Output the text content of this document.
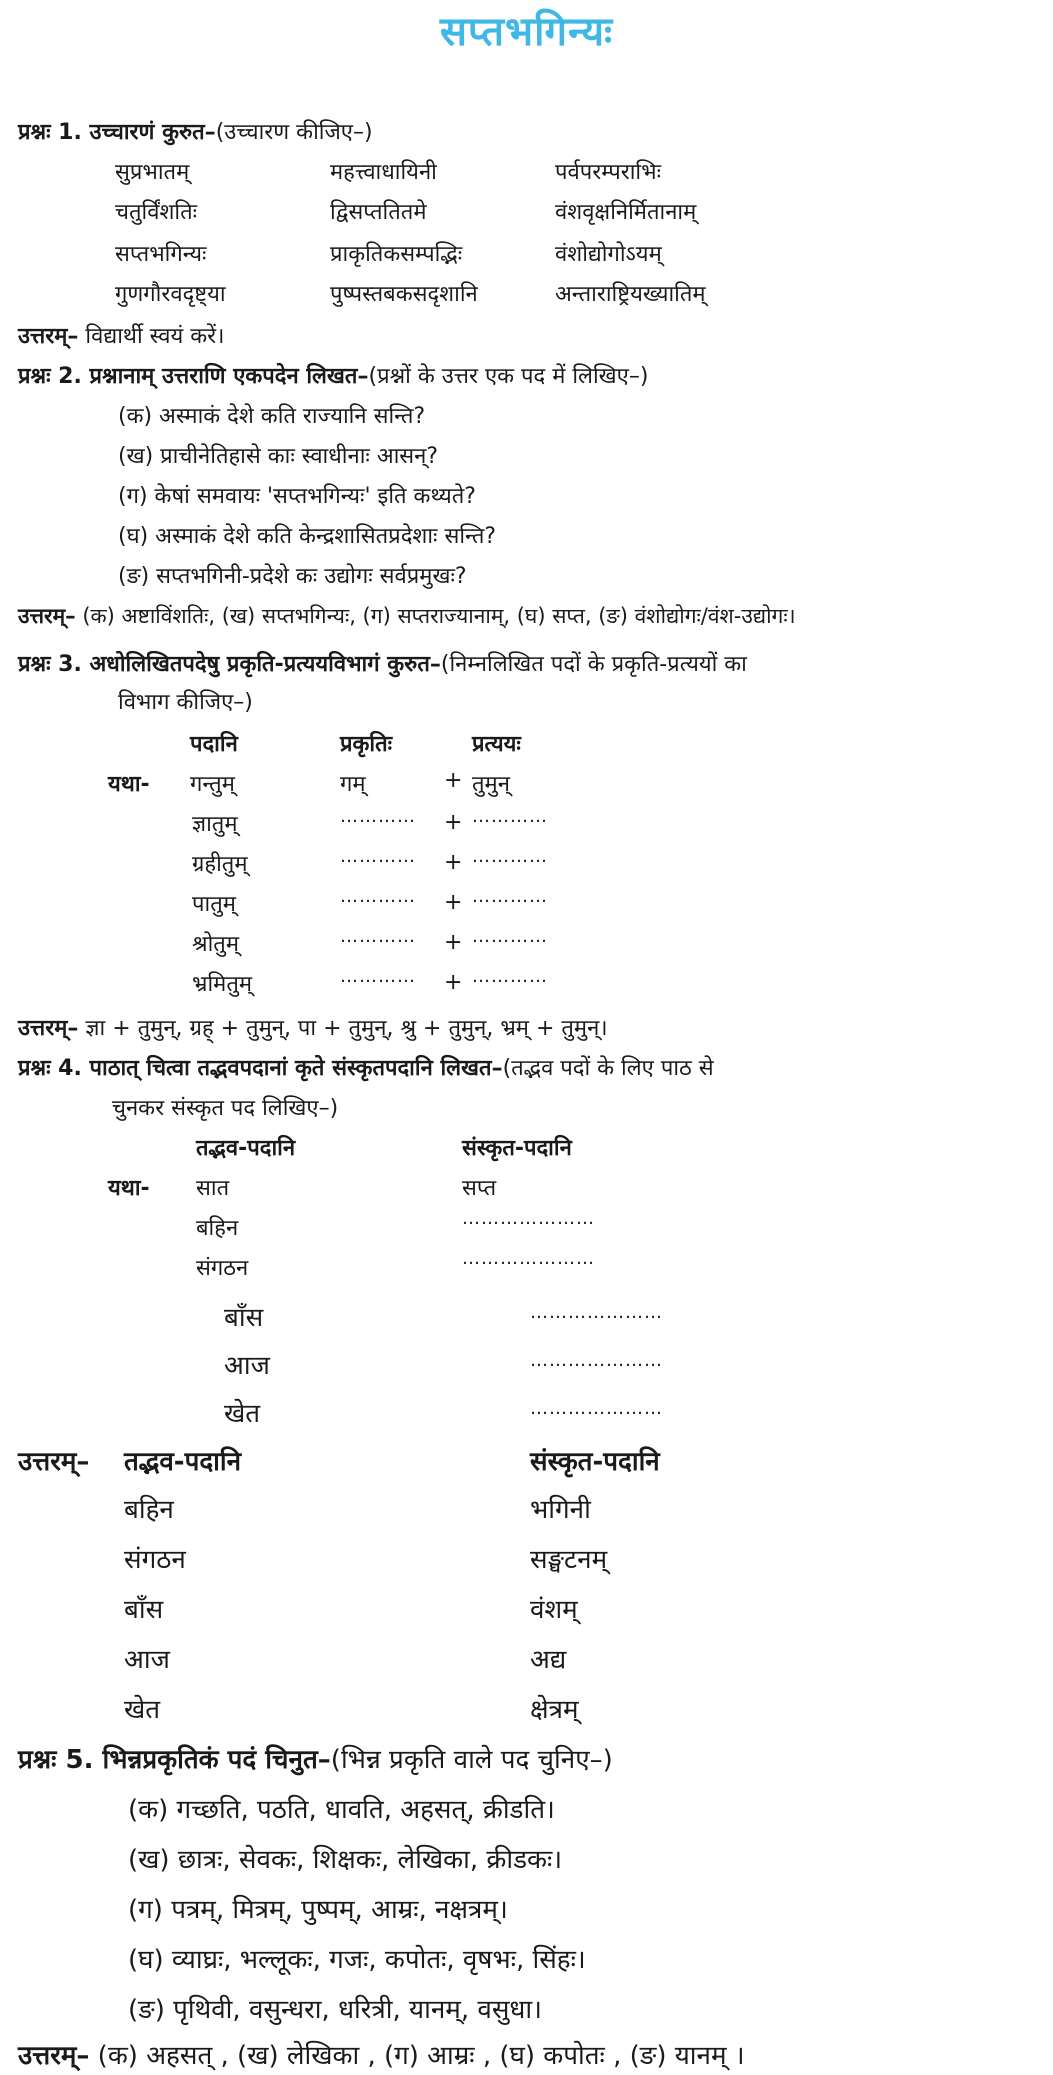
सप्तभगिन्यः
प्रश्नः 1. उच्चारणं कुरुत–(उच्चारण कीजिए–)
सुप्रभातम्	महत्त्वाधायिनी	पर्वपरम्पराभिः
चतुर्विंशतिः	द्विसप्ततितमे	वंशवृक्षनिर्मितानाम्
सप्तभगिन्यः	प्राकृतिकसम्पद्भिः	वंशोद्योगोऽयम्
गुणगौरवदृष्ट्या	पुष्पस्तबकसदृशानि	अन्ताराष्ट्रियख्यातिम्
उत्तरम्– विद्यार्थी स्वयं करें।
प्रश्नः 2. प्रश्नानाम् उत्तराणि एकपदेन लिखत–(प्रश्नों के उत्तर एक पद में लिखिए–)
(क) अस्माकं देशे कति राज्यानि सन्ति?
(ख) प्राचीनेतिहासे काः स्वाधीनाः आसन्?
(ग) केषां समवायः 'सप्तभगिन्यः' इति कथ्यते?
(घ) अस्माकं देशे कति केन्द्रशासितप्रदेशाः सन्ति?
(ङ) सप्तभगिनी-प्रदेशे कः उद्योगः सर्वप्रमुखः?
उत्तरम्– (क) अष्टाविंशतिः, (ख) सप्तभगिन्यः, (ग) सप्तराज्यानाम्, (घ) सप्त, (ङ) वंशोद्योगः/वंश-उद्योगः।
प्रश्नः 3. अधोलिखितपदेषु प्रकृति-प्रत्ययविभागं कुरुत–(निम्नलिखित पदों के प्रकृति-प्रत्ययों का
विभाग कीजिए–)
पदानि	प्रकृतिः	प्रत्ययः
यथा- गन्तुम्	गम्	+ तुमुन्
ज्ञातुम्	………… + …………
ग्रहीतुम्	………… + …………
पातुम्	………… + …………
श्रोतुम्	………… + …………
भ्रमितुम्	………… + …………
उत्तरम्– ज्ञा + तुमुन्, ग्रह् + तुमुन्, पा + तुमुन्, श्रु + तुमुन्, भ्रम् + तुमुन्।
प्रश्नः 4. पाठात् चित्वा तद्भवपदानां कृते संस्कृतपदानि लिखत–(तद्भव पदों के लिए पाठ से
चुनकर संस्कृत पद लिखिए–)
तद्भव-पदानि	संस्कृत-पदानि
यथा- सात	सप्त
बहिन	…………………
संगठन	…………………
बाँस	…………………
आज	…………………
खेत	…………………
उत्तरम्– तद्भव-पदानि	संस्कृत-पदानि
बहिन	भगिनी
संगठन	सङ्घटनम्
बाँस	वंशम्
आज	अद्य
खेत	क्षेत्रम्
प्रश्नः 5. भिन्नप्रकृतिकं पदं चिनुत–(भिन्न प्रकृति वाले पद चुनिए–)
(क) गच्छति, पठति, धावति, अहसत्, क्रीडति।
(ख) छात्रः, सेवकः, शिक्षकः, लेखिका, क्रीडकः।
(ग) पत्रम्, मित्रम्, पुष्पम्, आम्रः, नक्षत्रम्।
(घ) व्याघ्रः, भल्लूकः, गजः, कपोतः, वृषभः, सिंहः।
(ङ) पृथिवी, वसुन्धरा, धरित्री, यानम्, वसुधा।
उत्तरम्– (क) अहसत् , (ख) लेखिका , (ग) आम्रः , (घ) कपोतः , (ङ) यानम् ।
